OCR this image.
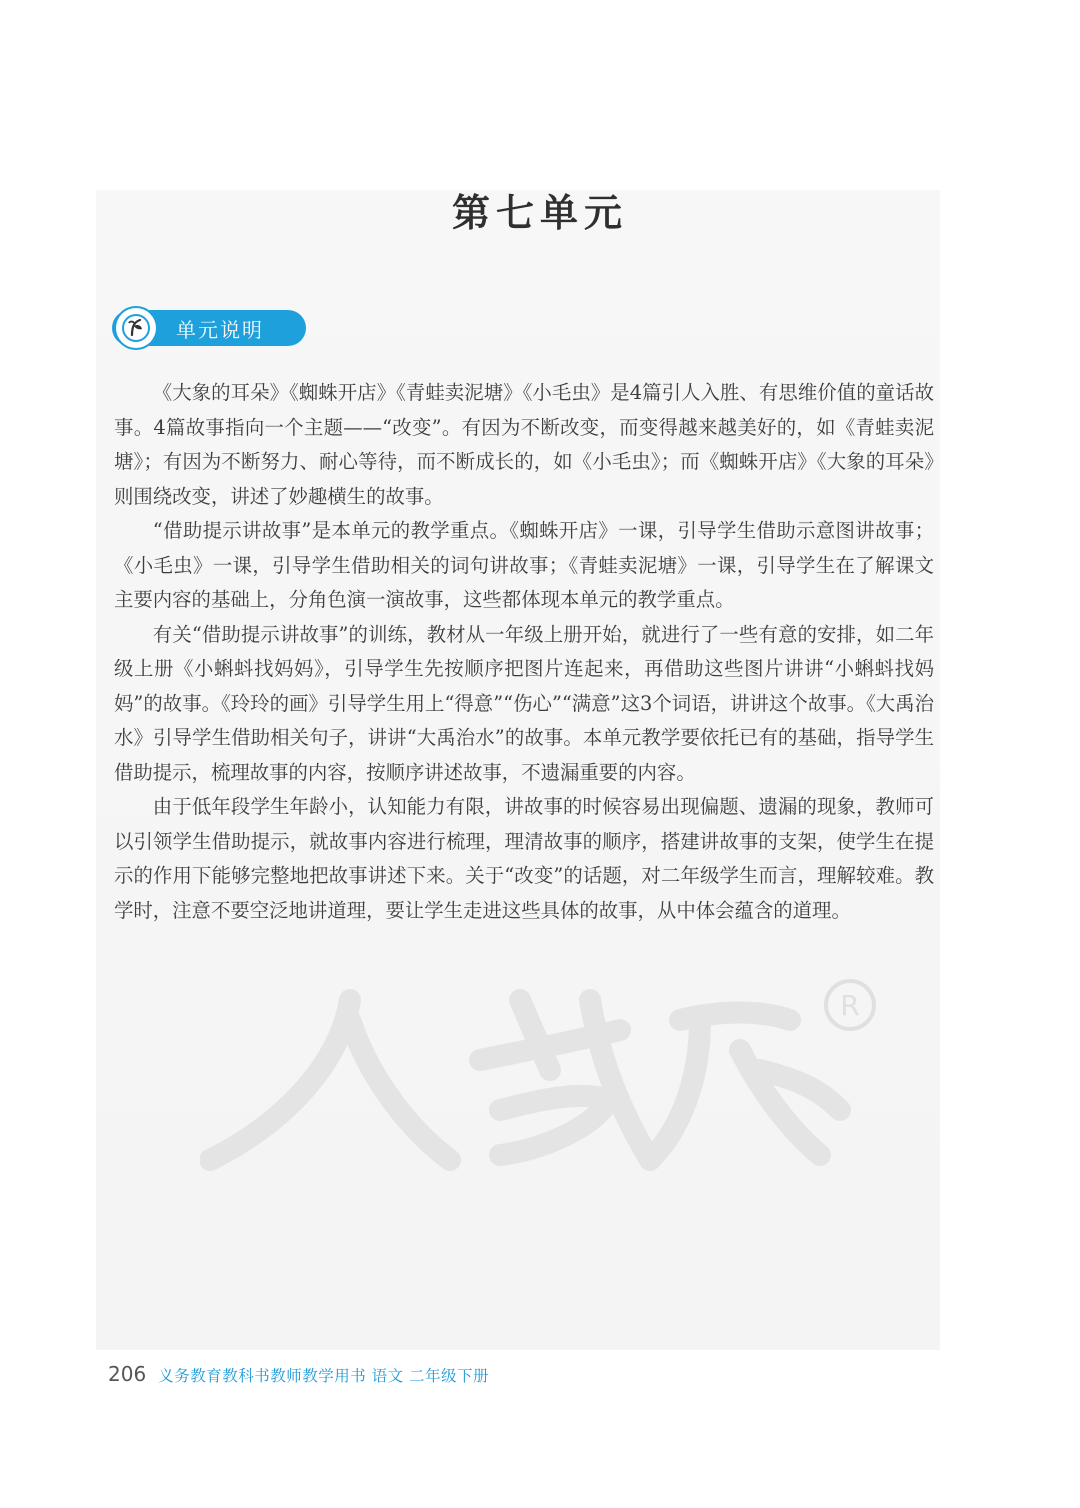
R
第七单元
单元说明

《大象的耳朵》《蜘蛛开店》《青蛙卖泥塘》《小毛虫》是4篇引人入胜、有思维价值的童话故事。4篇故事指向一个主题——“改变”。有因为不断改变，而变得越来越美好的，如《青蛙卖泥塘》；有因为不断努力、耐心等待，而不断成长的，如《小毛虫》；而《蜘蛛开店》《大象的耳朵》则围绕改变，讲述了妙趣横生的故事。

“借助提示讲故事”是本单元的教学重点。《蜘蛛开店》一课，引导学生借助示意图讲故事；《小毛虫》一课，引导学生借助相关的词句讲故事；《青蛙卖泥塘》一课，引导学生在了解课文主要内容的基础上，分角色演一演故事，这些都体现本单元的教学重点。

有关“借助提示讲故事”的训练，教材从一年级上册开始，就进行了一些有意的安排，如二年级上册《小蝌蚪找妈妈》，引导学生先按顺序把图片连起来，再借助这些图片讲讲“小蝌蚪找妈妈”的故事。《玲玲的画》引导学生用上“得意”“伤心”“满意”这3个词语，讲讲这个故事。《大禹治水》引导学生借助相关句子，讲讲“大禹治水”的故事。本单元教学要依托已有的基础，指导学生借助提示，梳理故事的内容，按顺序讲述故事，不遗漏重要的内容。

由于低年段学生年龄小，认知能力有限，讲故事的时候容易出现偏题、遗漏的现象，教师可以引领学生借助提示，就故事内容进行梳理，理清故事的顺序，搭建讲故事的支架，使学生在提示的作用下能够完整地把故事讲述下来。关于“改变”的话题，对二年级学生而言，理解较难。教学时，注意不要空泛地讲道理，要让学生走进这些具体的故事，从中体会蕴含的道理。

206 义务教育教科书教师教学用书 语文 二年级下册
